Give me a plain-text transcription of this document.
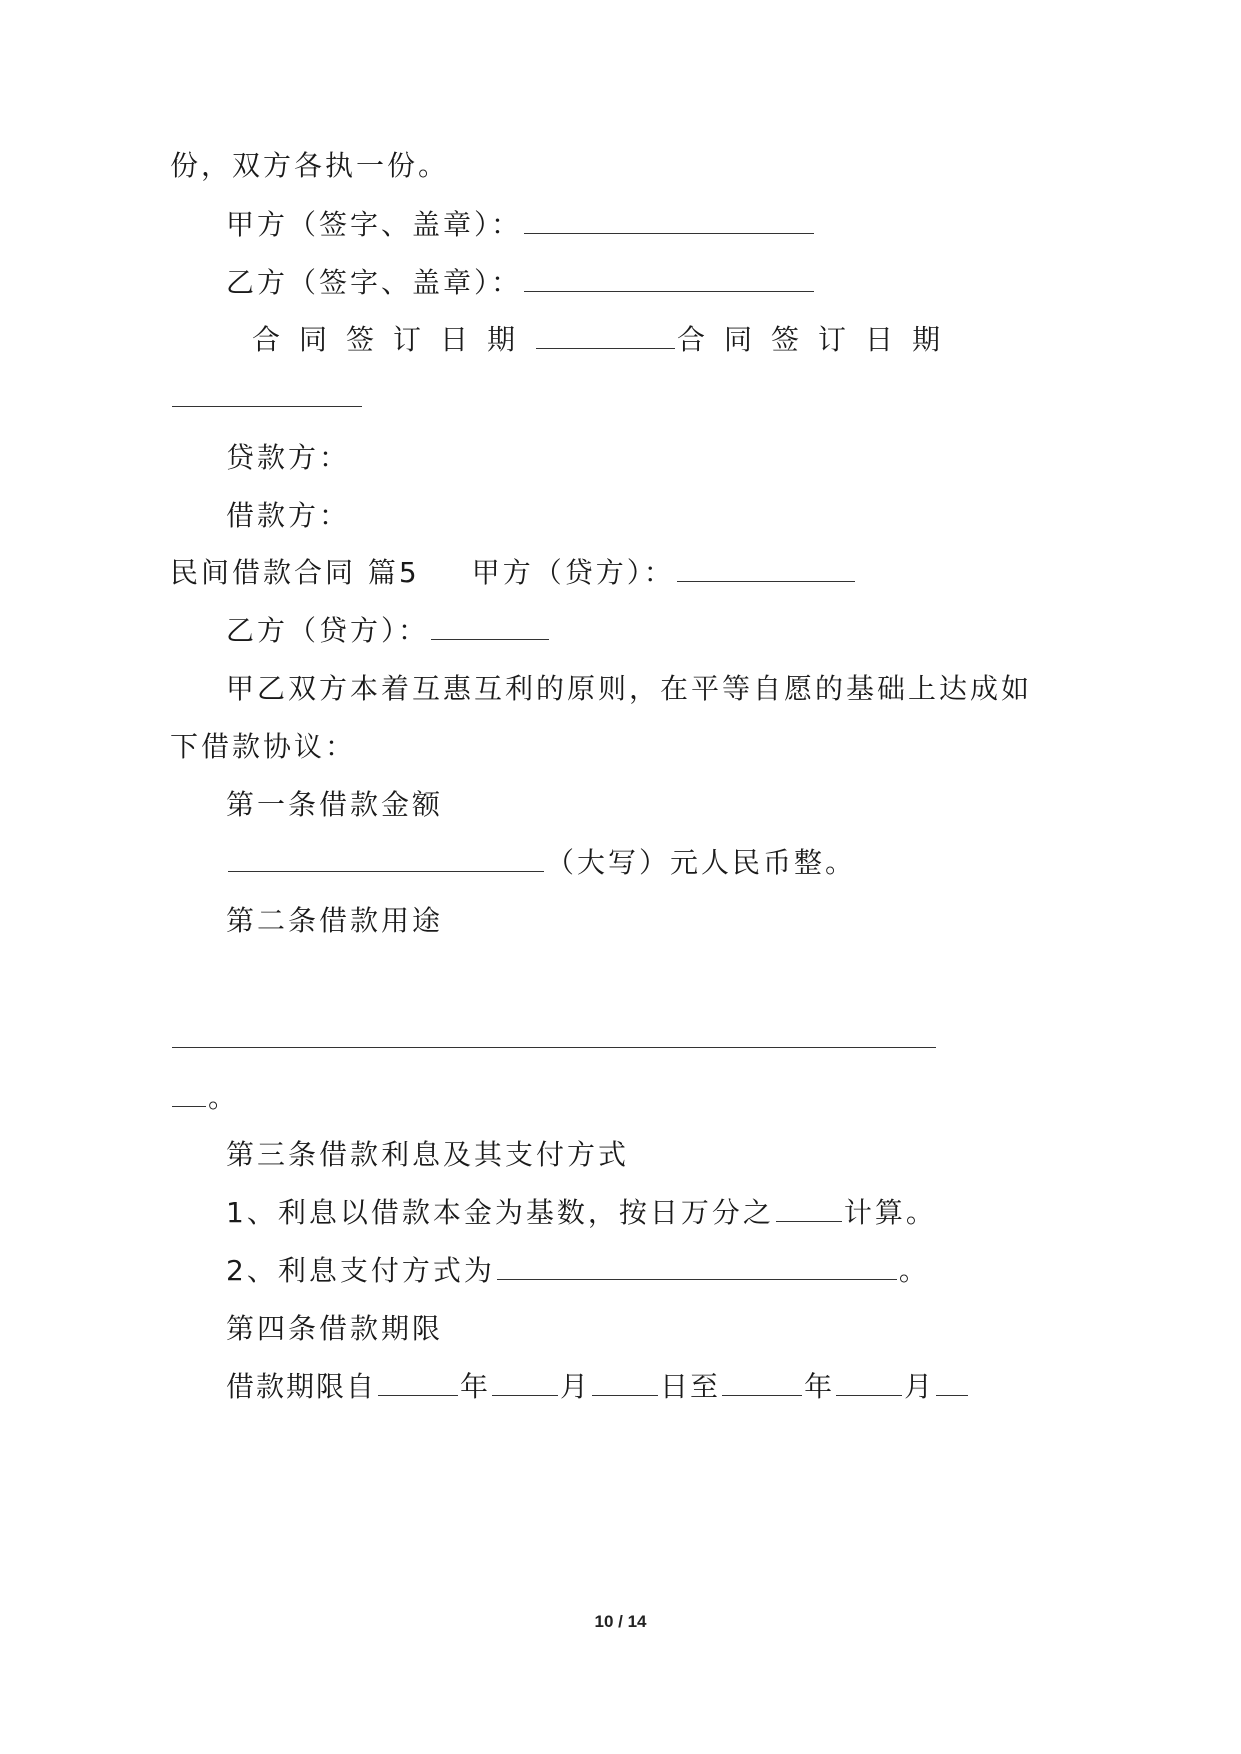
份，双方各执一份。
甲方（签字、盖章）：
乙方（签字、盖章）：
合同签订日期	合同签订日期
贷款方：
借款方：
民间借款合同 篇5 甲方（贷方）：
乙方（贷方）：
甲乙双方本着互惠互利的原则，在平等自愿的基础上达成如
下借款协议：
第一条借款金额
（大写）元人民币整。
第二条借款用途
。
第三条借款利息及其支付方式
1、利息以借款本金为基数，按日万分之	计算。
2、利息支付方式为	。
第四条借款期限
借款期限自	年	月	日至	年	月
10 / 14
